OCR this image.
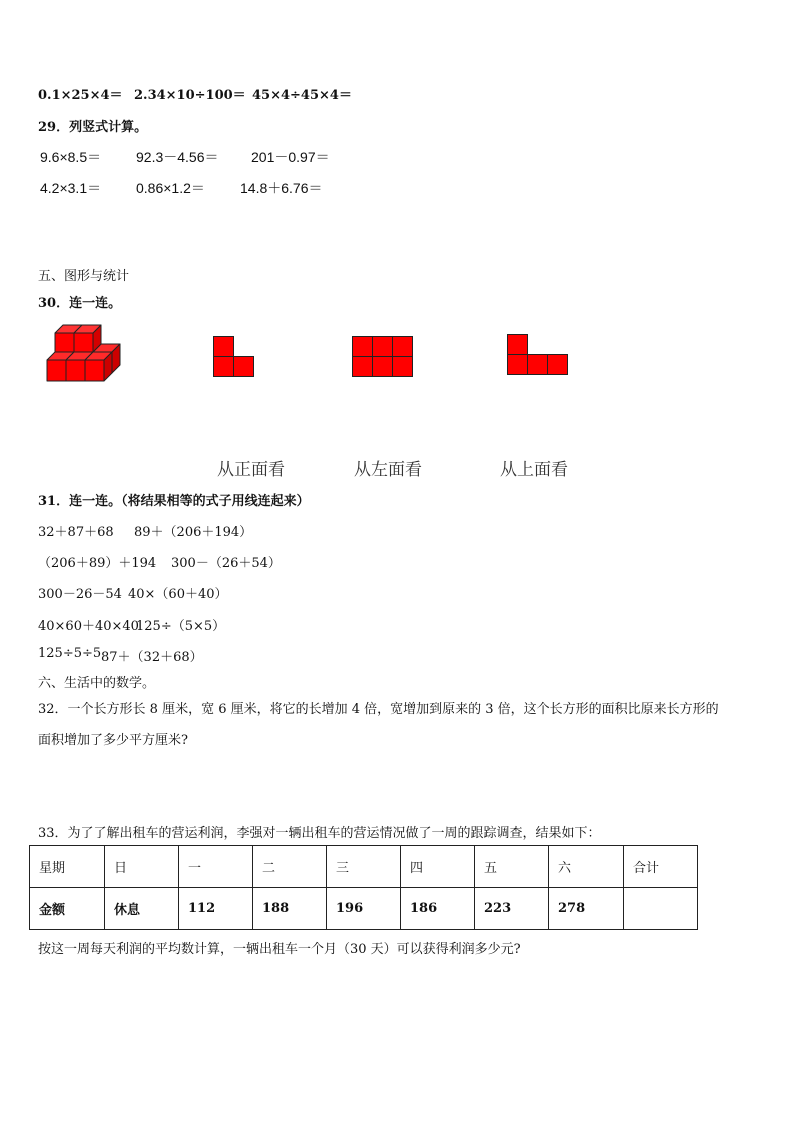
0.1×25×4＝ 2.34×10÷100＝ 45×4÷45×4＝
29．列竖式计算。
9.6×8.5＝ 92.3－4.56＝ 201－0.97＝
4.2×3.1＝ 0.86×1.2＝	14.8＋6.76＝
五、图形与统计
30．连一连。
从正面看	从左面看	从上面看
31．连一连。（将结果相等的式子用线连起来）
32＋87＋68 89＋（206＋194）
（206＋89）＋194 300－（26＋54）
300－26－54 40×（60＋40）
40×60＋40×40
125÷（5×5）
125÷5÷5 87＋（32＋68）
六、生活中的数学。
32．一个长方形长 8 厘米，宽 6 厘米，将它的长增加 4 倍，宽增加到原来的 3 倍，这个长方形的面积比原来长方形的
面积增加了多少平方厘米?
33．为了了解出租车的营运利润，李强对一辆出租车的营运情况做了一周的跟踪调查，结果如下：
星期	日	一	二	三	四	五	六	合计
金额	休息	112	188	196	186	223	278	
按这一周每天利润的平均数计算，一辆出租车一个月（30 天）可以获得利润多少元?
